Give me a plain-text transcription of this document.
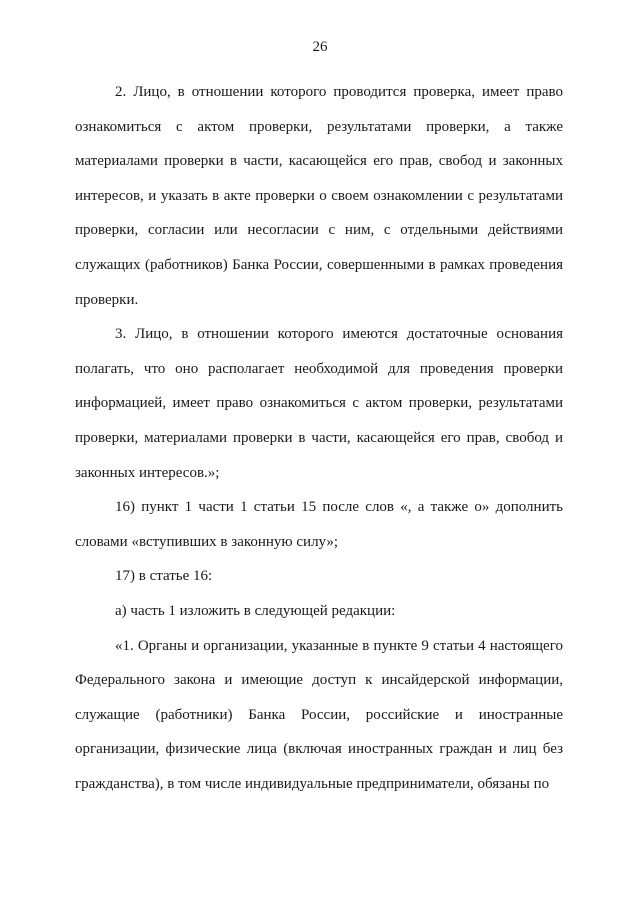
26

2. Лицо, в отношении которого проводится проверка, имеет право ознакомиться с актом проверки, результатами проверки, а также материалами проверки в части, касающейся его прав, свобод и законных интересов, и указать в акте проверки о своем ознакомлении с результатами проверки, согласии или несогласии с ним, с отдельными действиями служащих (работников) Банка России, совершенными в рамках проведения проверки.

3. Лицо, в отношении которого имеются достаточные основания полагать, что оно располагает необходимой для проведения проверки информацией, имеет право ознакомиться с актом проверки, результатами проверки, материалами проверки в части, касающейся его прав, свобод и законных интересов.»;

16) пункт 1 части 1 статьи 15 после слов «, а также о» дополнить словами «вступивших в законную силу»;

17) в статье 16:

а) часть 1 изложить в следующей редакции:

«1. Органы и организации, указанные в пункте 9 статьи 4 настоящего Федерального закона и имеющие доступ к инсайдерской информации, служащие (работники) Банка России, российские и иностранные организации, физические лица (включая иностранных граждан и лиц без гражданства), в том числе индивидуальные предприниматели, обязаны по
